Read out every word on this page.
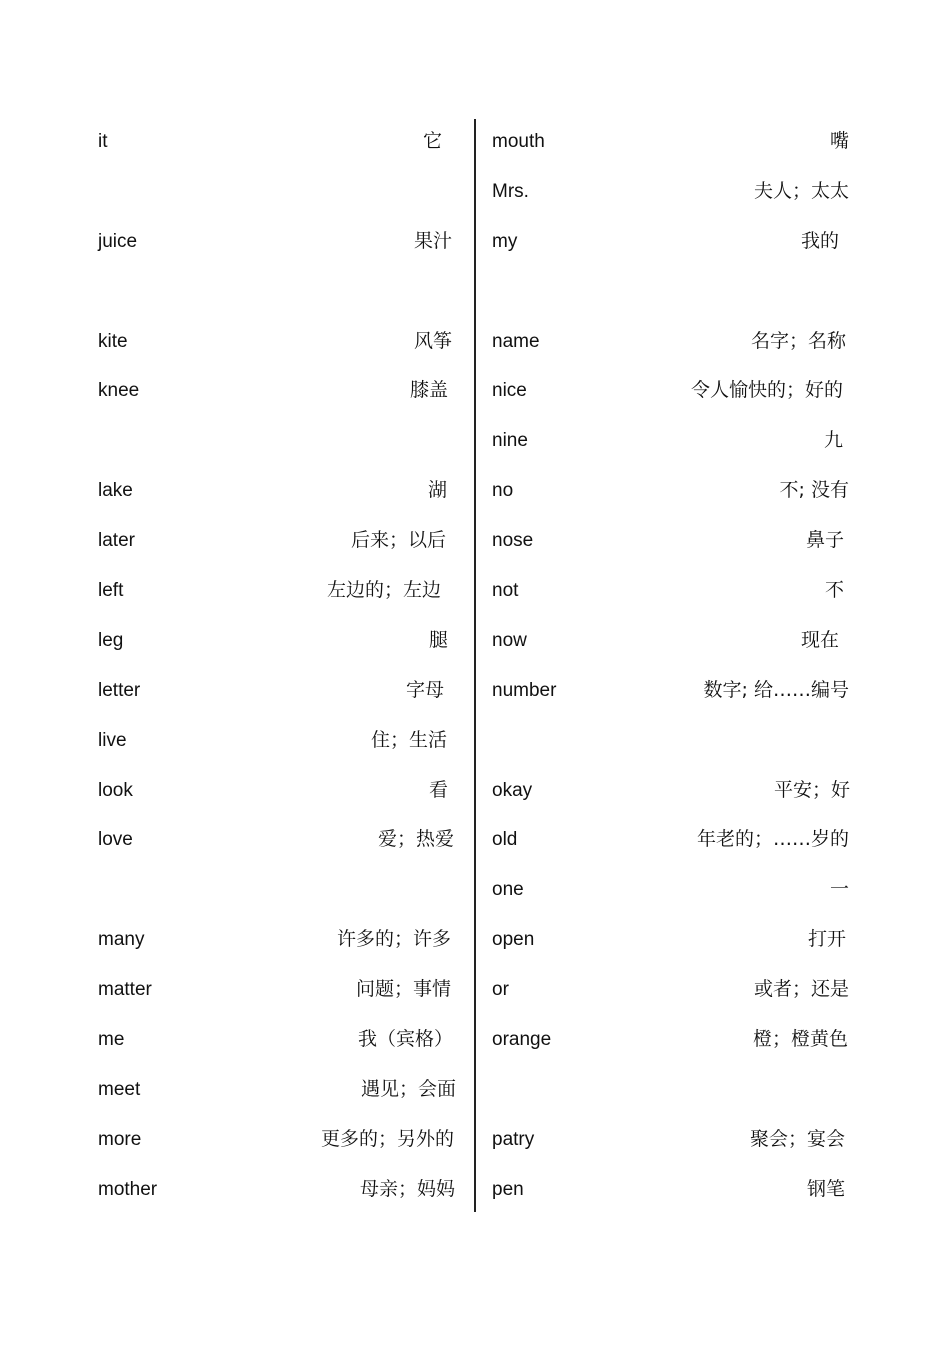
it	它
juice	果汁
kite	风筝
knee	膝盖
lake	湖
later	后来；以后
left	左边的；左边
leg	腿
letter	字母
live	住；生活
look	看
love	爱；热爱
many	许多的；许多
matter	问题；事情
me	我（宾格）
meet	遇见；会面
more	更多的；另外的
mother	母亲；妈妈
mouth	嘴
Mrs.	夫人；太太
my	我的
name	名字；名称
nice	令人愉快的；好的
nine	九
no	不; 没有
nose	鼻子
not	不
now	现在
number	数字; 给……编号
okay	平安；好
old	年老的；……岁的
one	一
open	打开
or	或者；还是
orange	橙；橙黄色
patry	聚会；宴会
pen	钢笔
